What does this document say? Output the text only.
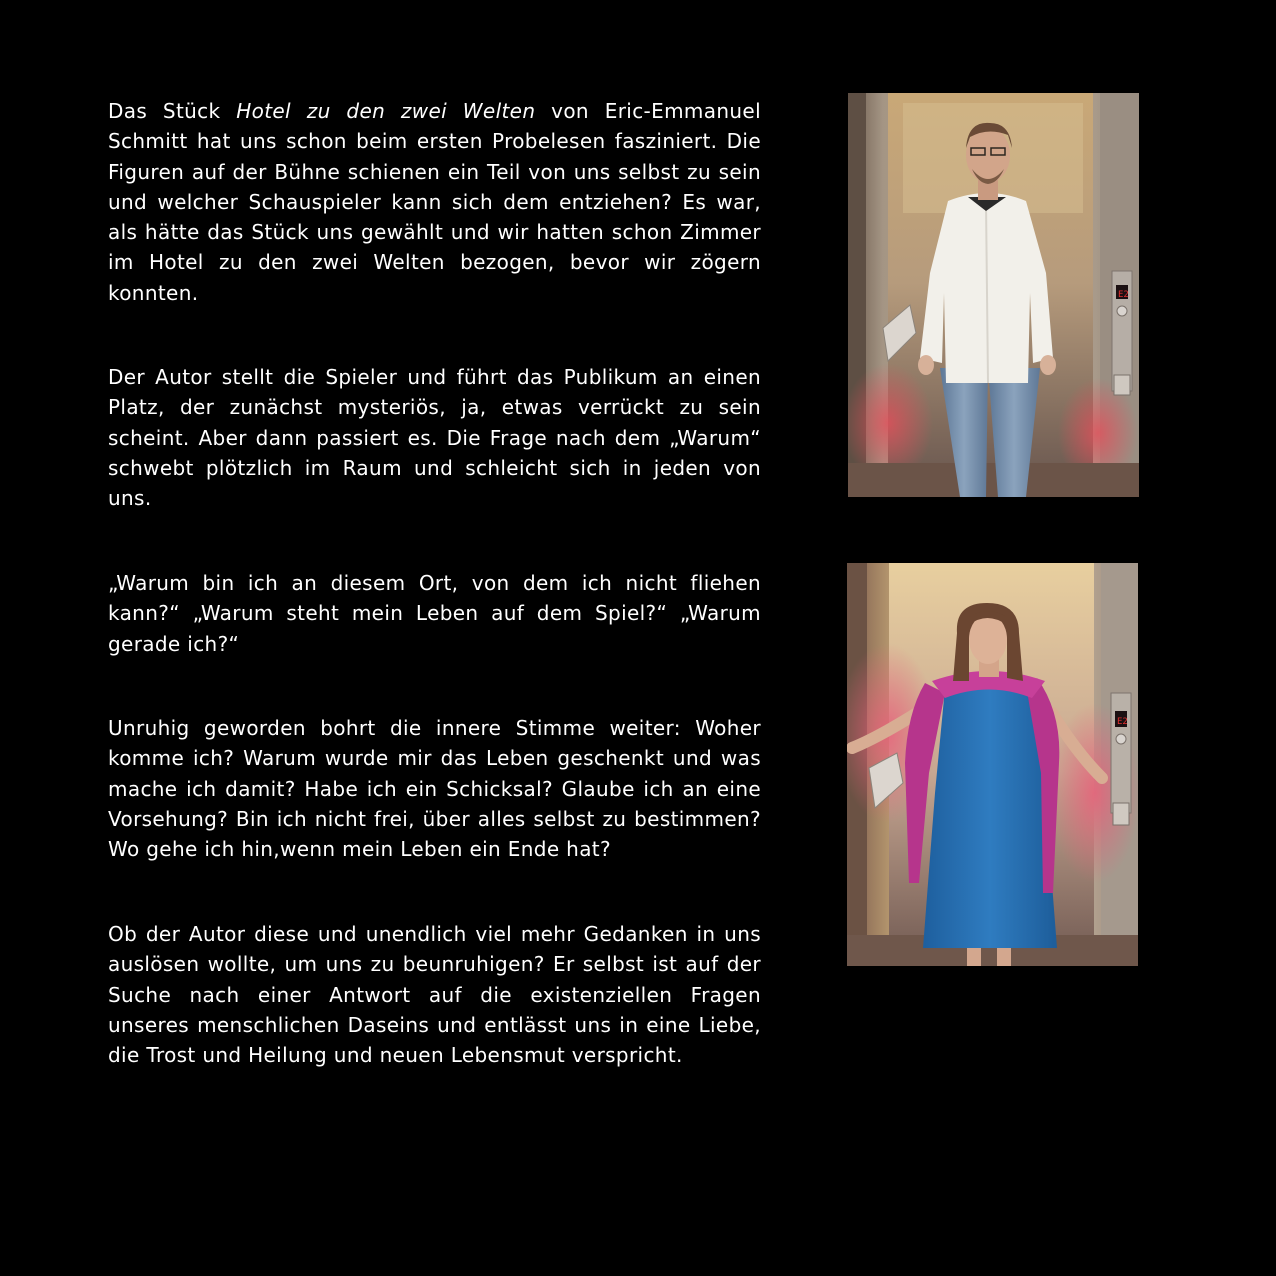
Das Stück Hotel zu den zwei Welten von Eric-Emmanuel Schmitt hat uns schon beim ersten Probelesen fasziniert. Die Figuren auf der Bühne schienen ein Teil von uns selbst zu sein und welcher Schauspieler kann sich dem entziehen? Es war, als hätte das Stück uns gewählt und wir hatten schon Zimmer im Hotel zu den zwei Welten bezogen, bevor wir zögern konnten.

Der Autor stellt die Spieler und führt das Publikum an einen Platz, der zunächst mysteriös, ja, etwas verrückt zu sein scheint. Aber dann passiert es. Die Frage nach dem „Warum“ schwebt plötzlich im Raum und schleicht sich in jeden von uns.

„Warum bin ich an diesem Ort, von dem ich nicht fliehen kann?“ „Warum steht mein Leben auf dem Spiel?“ „Warum gerade ich?“

Unruhig geworden bohrt die innere Stimme weiter: Woher komme ich? Warum wurde mir das Leben geschenkt und was mache ich damit? Habe ich ein Schicksal? Glaube ich an eine Vorsehung? Bin ich nicht frei, über alles selbst zu bestimmen? Wo gehe ich hin,wenn mein Leben ein Ende hat?

Ob der Autor diese und unendlich viel mehr Gedanken in uns auslösen wollte, um uns zu beunruhigen? Er selbst ist auf der Suche nach einer Antwort auf die existenziellen Fragen unseres menschlichen Daseins und entlässt uns in eine Liebe, die Trost und Heilung und neuen Lebensmut verspricht.

E2
E2
